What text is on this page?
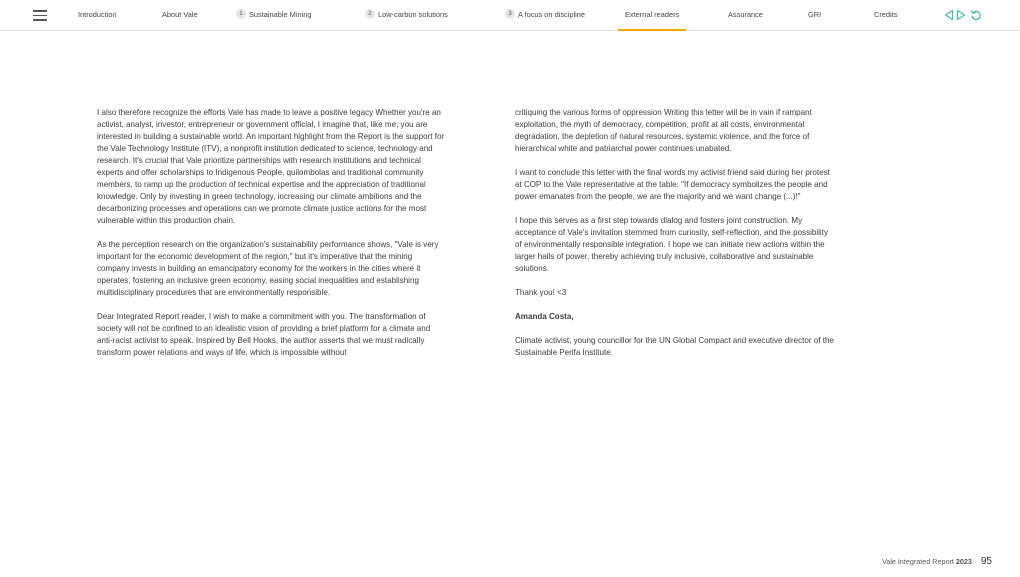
Introduction	About Vale	1 Sustainable Mining	2 Low-carbon solutions	3 A focus on discipline	External readers	Assurance	GRI	Credits

I also therefore recognize the efforts Vale has made to leave a positive legacy Whether you're an activist, analyst, investor, entrepreneur or government official, I imagine that, like me, you are interested in building a sustainable world. An important highlight from the Report is the support for the Vale Technology Institute (ITV), a nonprofit institution dedicated to science, technology and research. It's crucial that Vale prioritize partnerships with research institutions and technical experts and offer scholarships to Indigenous People, quilombolas and traditional community members, to ramp up the production of technical expertise and the appreciation of traditional knowledge. Only by investing in green technology, increasing our climate ambitions and the decarbonizing processes and operations can we promote climate justice actions for the most vulnerable within this production chain.

As the perception research on the organization's sustainability performance shows, "Vale is very important for the economic development of the region," but it's imperative that the mining company invests in building an emancipatory economy for the workers in the cities where it operates, fostering an inclusive green economy, easing social inequalities and establishing multidisciplinary procedures that are environmentally responsible.

Dear Integrated Report reader, I wish to make a commitment with you. The transformation of society will not be confined to an idealistic vision of providing a brief platform for a climate and anti-racist activist to speak. Inspired by Bell Hooks, the author asserts that we must radically transform power relations and ways of life, which is impossible without

critiquing the various forms of oppression Writing this letter will be in vain if rampant exploitation, the myth of democracy, competition, profit at all costs, environmental degradation, the depletion of natural resources, systemic violence, and the force of hierarchical white and patriarchal power continues unabated.

I want to conclude this letter with the final words my activist friend said during her protest at COP to the Vale representative at the table: "If democracy symbolizes the people and power emanates from the people, we are the majority and we want change (...)!"

I hope this serves as a first step towards dialog and fosters joint construction. My acceptance of Vale's invitation stemmed from curiosity, self-reflection, and the possibility of environmentally responsible integration. I hope we can initiate new actions within the larger halls of power, thereby achieving truly inclusive, collaborative and sustainable solutions.

Thank you! <3

Amanda Costa,

Climate activist, young councillor for the UN Global Compact and executive director of the Sustainable Perifa Institute.

Vale Integrated Report 2023 95
